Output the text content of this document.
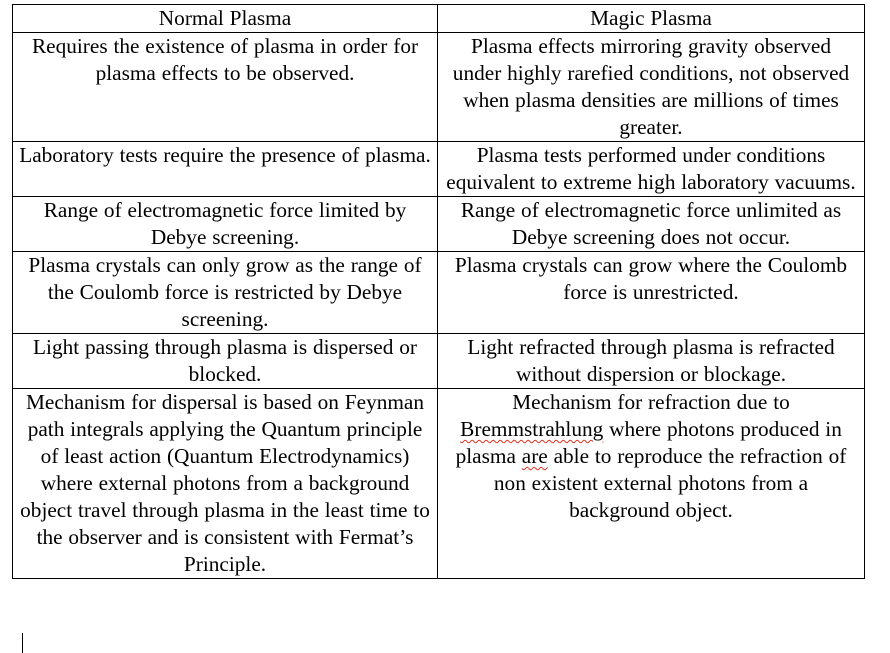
Normal Plasma	Magic Plasma
Requires the existence of plasma in order for plasma effects to be observed.	Plasma effects mirroring gravity observed under highly rarefied conditions, not observed when plasma densities are millions of times greater.
Laboratory tests require the presence of plasma.	Plasma tests performed under conditions equivalent to extreme high laboratory vacuums.
Range of electromagnetic force limited by Debye screening.	Range of electromagnetic force unlimited as Debye screening does not occur.
Plasma crystals can only grow as the range of the Coulomb force is restricted by Debye screening.	Plasma crystals can grow where the Coulomb force is unrestricted.
Light passing through plasma is dispersed or blocked.	Light refracted through plasma is refracted without dispersion or blockage.
Mechanism for dispersal is based on Feynman path integrals applying the Quantum principle of least action (Quantum Electrodynamics) where external photons from a background object travel through plasma in the least time to the observer and is consistent with Fermat’s Principle.	Mechanism for refraction due to Bremmstrahlung where photons produced in plasma are able to reproduce the refraction of non existent external photons from a background object.
